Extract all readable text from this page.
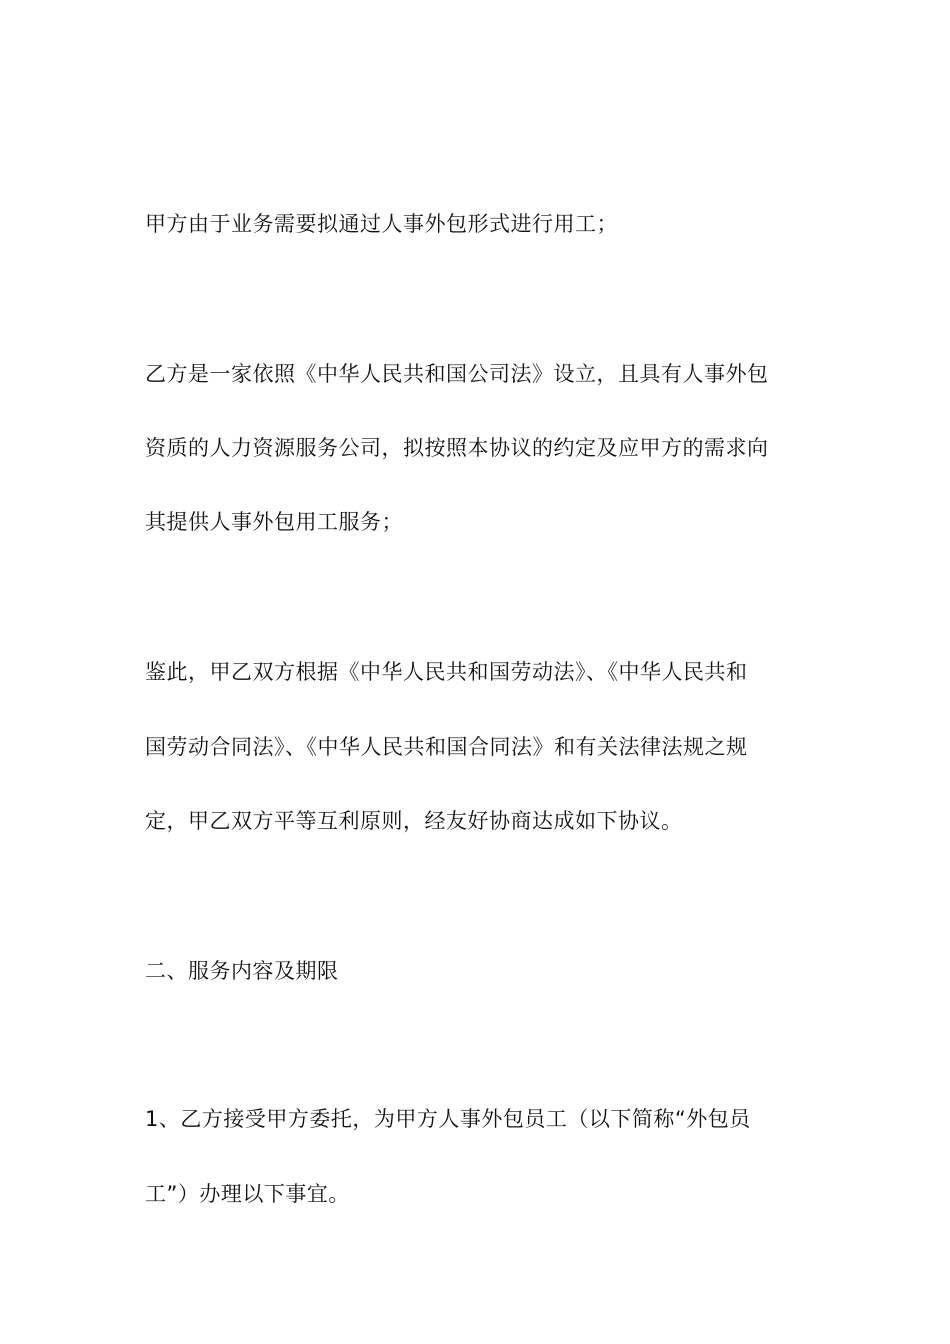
甲方由于业务需要拟通过人事外包形式进行用工；
乙方是一家依照《中华人民共和国公司法》设立，且具有人事外包
资质的人力资源服务公司，拟按照本协议的约定及应甲方的需求向
其提供人事外包用工服务；
鉴此，甲乙双方根据《中华人民共和国劳动法》、《中华人民共和
国劳动合同法》、《中华人民共和国合同法》和有关法律法规之规
定，甲乙双方平等互利原则，经友好协商达成如下协议。
二、服务内容及期限
1、乙方接受甲方委托，为甲方人事外包员工（以下简称“外包员
工”）办理以下事宜。
